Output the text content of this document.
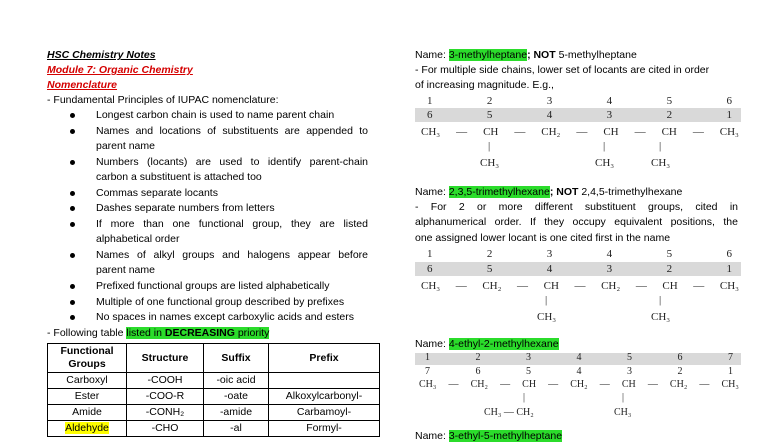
HSC Chemistry Notes
Module 7: Organic Chemistry
Nomenclature
- Fundamental Principles of IUPAC nomenclature:
Longest carbon chain is used to name parent chain
Names and locations of substituents are appended to
parent name
Numbers (locants) are used to identify parent-chain
carbon a substituent is attached too
Commas separate locants
Dashes separate numbers from letters
If more than one functional group, they are listed
alphabetical order
Names of alkyl groups and halogens appear before
parent name
Prefixed functional groups are listed alphabetically
Multiple of one functional group described by prefixes
No spaces in names except carboxylic acids and esters
- Following table listed in DECREASING priority
Functional Groups	Structure	Suffix	Prefix
Carboxyl	-COOH	-oic acid	
Ester	-COO-R	-oate	Alkoxylcarbonyl-
Amide	-CONH₂	-amide	Carbamoyl-
Aldehyde	-CHO	-al	Formyl-
Name: 3-methylheptane; NOT 5-methylheptane
- For multiple side chains, lower set of locants are cited in order
of increasing magnitude. E.g.,
1	2	3	4	5	6
6	5	4	3	2	1
CH₃ — CH — CH₂ — CH — CH — CH₃
|	|	|
CH₃	CH₃	CH₃
Name: 2,3,5-trimethylhexane; NOT 2,4,5-trimethylhexane
- For 2 or more different substituent groups, cited in
alphanumerical order. If they occupy equivalent positions, the
one assigned lower locant is one cited first in the name
1	2	3	4	5	6
6	5	4	3	2	1
CH₃ — CH₂ — CH — CH₂ — CH — CH₃
|	|
CH₃	CH₃
Name: 4-ethyl-2-methylhexane
1	2	3	4	5	6	7
7	6	5	4	3	2	1
CH₃ — CH₂ — CH — CH₂ — CH — CH₂ — CH₃
|	|
CH₃ — CH₂	CH₃
Name: 3-ethyl-5-methylheptane
